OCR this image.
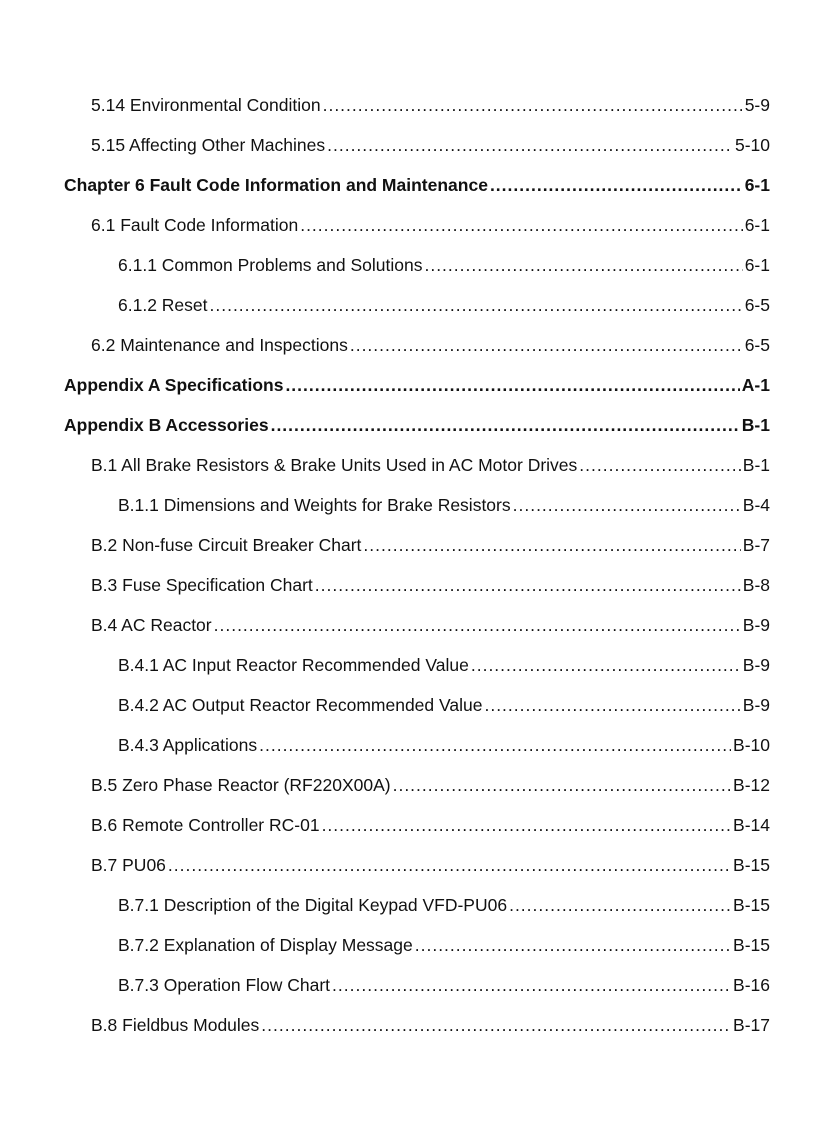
5.14 Environmental Condition .....	5-9
5.15 Affecting Other Machines .....	5-10
Chapter 6 Fault Code Information and Maintenance .....	6-1
6.1 Fault Code Information .....	6-1
6.1.1 Common Problems and Solutions .....	6-1
6.1.2 Reset .....	6-5
6.2 Maintenance and Inspections .....	6-5
Appendix A Specifications .....	A-1
Appendix B Accessories .....	B-1
B.1 All Brake Resistors & Brake Units Used in AC Motor Drives .....	B-1
B.1.1 Dimensions and Weights for Brake Resistors .....	B-4
B.2 Non-fuse Circuit Breaker Chart .....	B-7
B.3 Fuse Specification Chart .....	B-8
B.4 AC Reactor .....	B-9
B.4.1 AC Input Reactor Recommended Value .....	B-9
B.4.2 AC Output Reactor Recommended Value .....	B-9
B.4.3 Applications .....	B-10
B.5 Zero Phase Reactor (RF220X00A) .....	B-12
B.6 Remote Controller RC-01 .....	B-14
B.7 PU06 .....	B-15
B.7.1 Description of the Digital Keypad VFD-PU06 .....	B-15
B.7.2 Explanation of Display Message .....	B-15
B.7.3 Operation Flow Chart .....	B-16
B.8 Fieldbus Modules .....	B-17
